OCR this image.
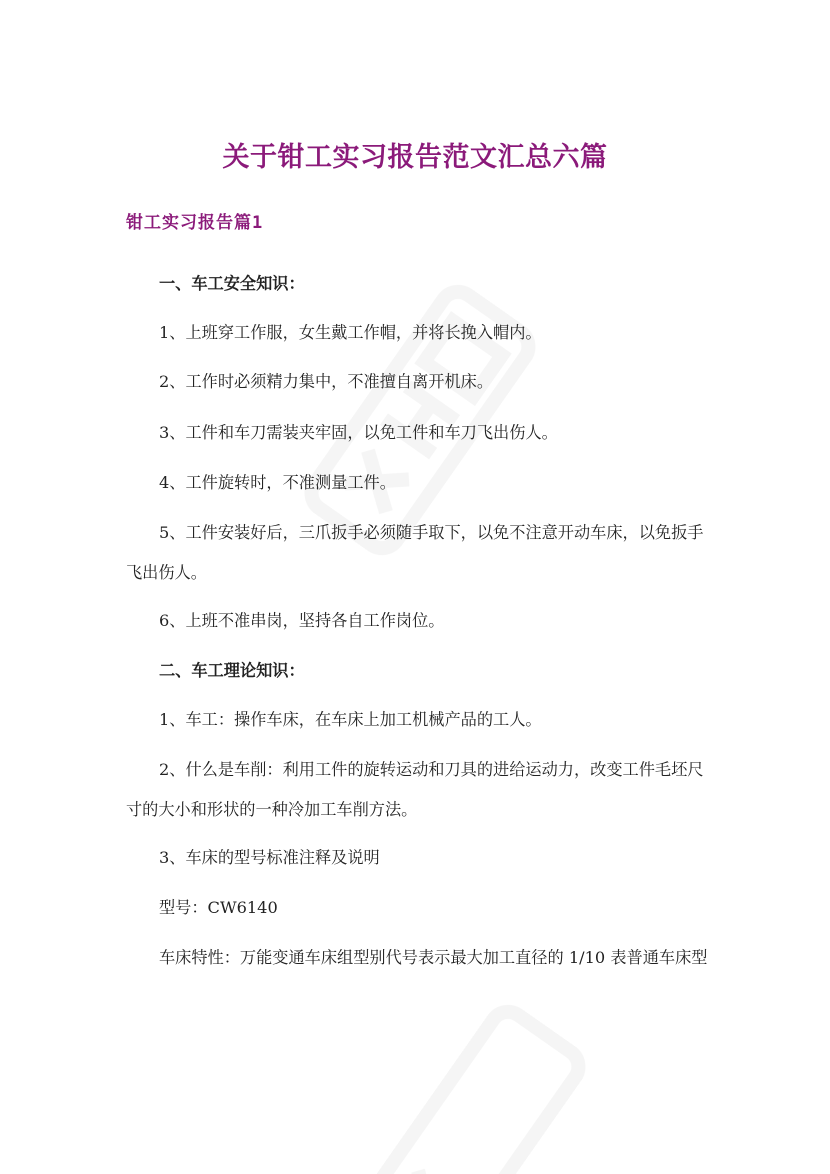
关于钳工实习报告范文汇总六篇
钳工实习报告篇1

一、车工安全知识：

1、上班穿工作服，女生戴工作帽，并将长挽入帽内。

2、工作时必须精力集中，不准擅自离开机床。

3、工件和车刀需装夹牢固，以免工件和车刀飞出伤人。

4、工件旋转时，不准测量工件。

5、工件安装好后，三爪扳手必须随手取下，以免不注意开动车床，以免扳手飞出伤人。

6、上班不准串岗，坚持各自工作岗位。

二、车工理论知识：

1、车工：操作车床，在车床上加工机械产品的工人。

2、什么是车削：利用工件的旋转运动和刀具的进给运动力，改变工件毛坯尺寸的大小和形状的一种冷加工车削方法。

3、车床的型号标准注释及说明

型号：CW6140

车床特性：万能变通车床组型别代号表示最大加工直径的 1/10 表普通车床型
